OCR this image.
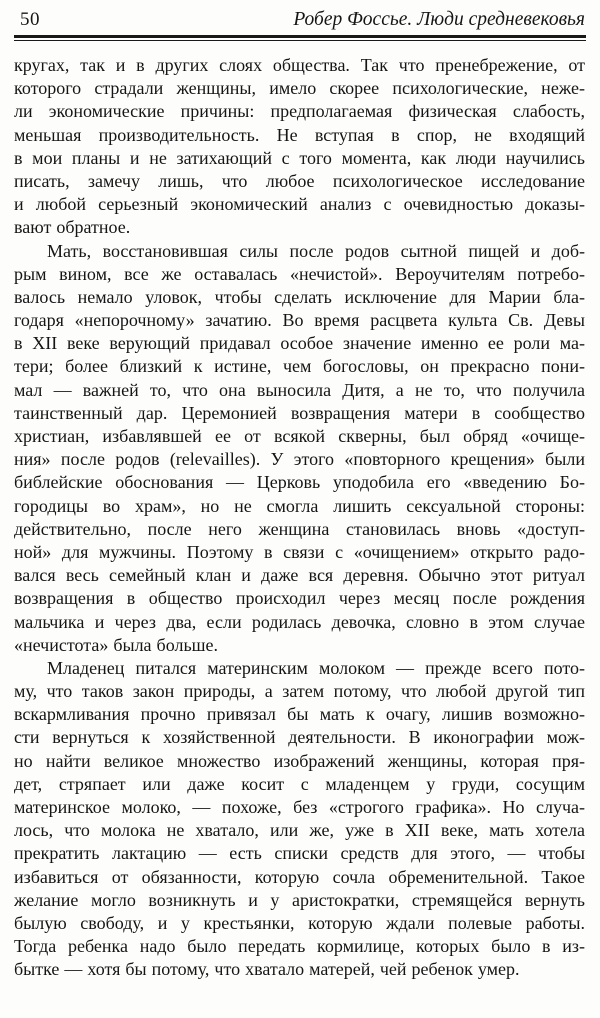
50	Робер Фоссье. Люди средневековья
кругах, так и в других слоях общества. Так что пренебрежение, от
которого страдали женщины, имело скорее психологические, неже-
ли экономические причины: предполагаемая физическая слабость,
меньшая производительность. Не вступая в спор, не входящий
в мои планы и не затихающий с того момента, как люди научились
писать, замечу лишь, что любое психологическое исследование
и любой серьезный экономический анализ с очевидностью доказы-
вают обратное.
Мать, восстановившая силы после родов сытной пищей и доб-
рым вином, все же оставалась «нечистой». Вероучителям потребо-
валось немало уловок, чтобы сделать исключение для Марии бла-
годаря «непорочному» зачатию. Во время расцвета культа Св. Девы
в XII веке верующий придавал особое значение именно ее роли ма-
тери; более близкий к истине, чем богословы, он прекрасно пони-
мал — важней то, что она выносила Дитя, а не то, что получила
таинственный дар. Церемонией возвращения матери в сообщество
христиан, избавлявшей ее от всякой скверны, был обряд «очище-
ния» после родов (relevailles). У этого «повторного крещения» были
библейские обоснования — Церковь уподобила его «введению Бо-
городицы во храм», но не смогла лишить сексуальной стороны:
действительно, после него женщина становилась вновь «доступ-
ной» для мужчины. Поэтому в связи с «очищением» открыто радо-
вался весь семейный клан и даже вся деревня. Обычно этот ритуал
возвращения в общество происходил через месяц после рождения
мальчика и через два, если родилась девочка, словно в этом случае
«нечистота» была больше.
Младенец питался материнским молоком — прежде всего пото-
му, что таков закон природы, а затем потому, что любой другой тип
вскармливания прочно привязал бы мать к очагу, лишив возможно-
сти вернуться к хозяйственной деятельности. В иконографии мож-
но найти великое множество изображений женщины, которая пря-
дет, стряпает или даже косит с младенцем у груди, сосущим
материнское молоко, — похоже, без «строгого графика». Но случа-
лось, что молока не хватало, или же, уже в XII веке, мать хотела
прекратить лактацию — есть списки средств для этого, — чтобы
избавиться от обязанности, которую сочла обременительной. Такое
желание могло возникнуть и у аристократки, стремящейся вернуть
былую свободу, и у крестьянки, которую ждали полевые работы.
Тогда ребенка надо было передать кормилице, которых было в из-
бытке — хотя бы потому, что хватало матерей, чей ребенок умер.
